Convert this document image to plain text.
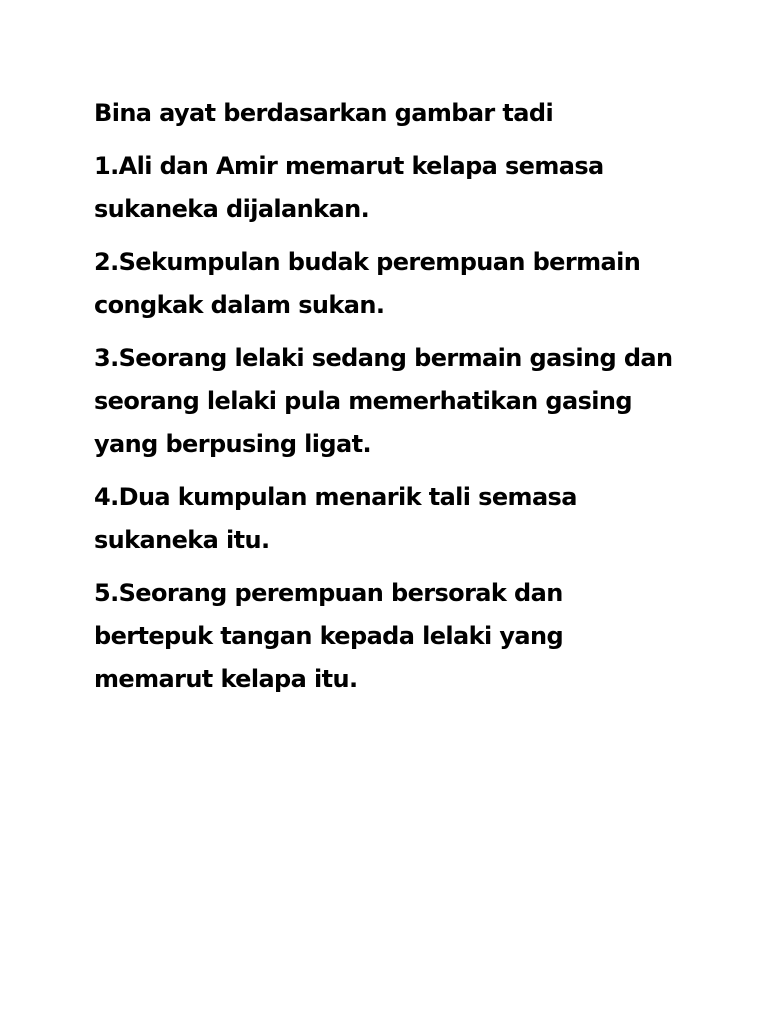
Bina ayat berdasarkan gambar tadi
1.Ali dan Amir memarut kelapa semasa
sukaneka dijalankan.
2.Sekumpulan budak perempuan bermain
congkak dalam sukan.
3.Seorang lelaki sedang bermain gasing dan
seorang lelaki pula memerhatikan gasing
yang berpusing ligat.
4.Dua kumpulan menarik tali semasa
sukaneka itu.
5.Seorang perempuan bersorak dan
bertepuk tangan kepada lelaki yang
memarut kelapa itu.
